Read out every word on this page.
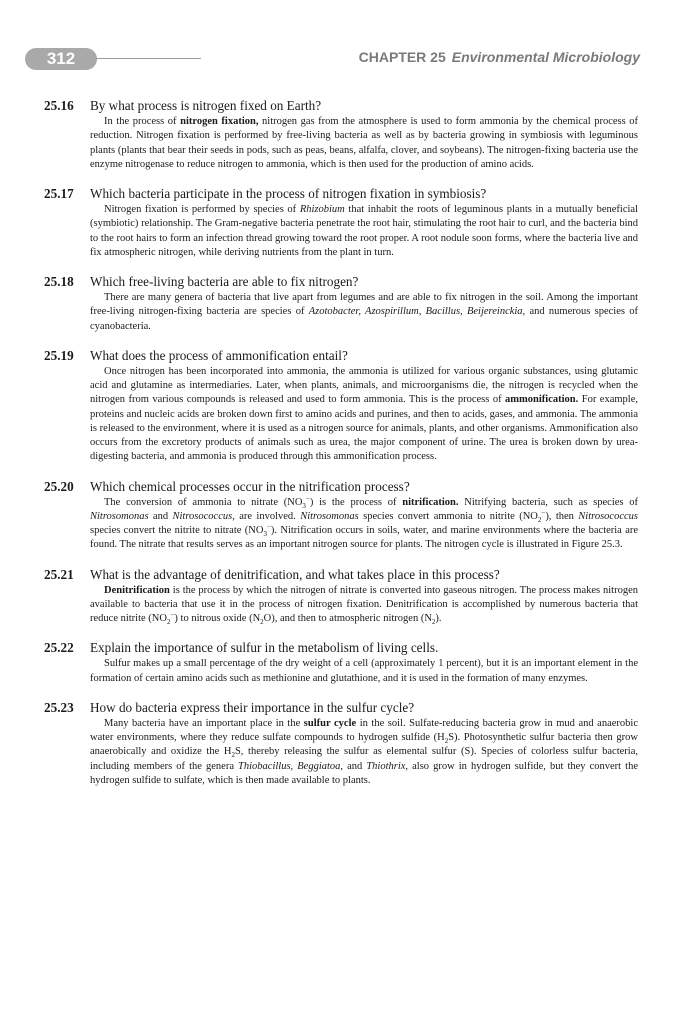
312	CHAPTER 25 Environmental Microbiology
25.16	By what process is nitrogen fixed on Earth?
In the process of nitrogen fixation, nitrogen gas from the atmosphere is used to form ammonia by the chemical process of reduction. Nitrogen fixation is performed by free-living bacteria as well as by bacteria growing in symbiosis with leguminous plants (plants that bear their seeds in pods, such as peas, beans, alfalfa, clover, and soybeans). The nitrogen-fixing bacteria use the enzyme nitrogenase to reduce nitrogen to ammonia, which is then used for the production of amino acids.
25.17	Which bacteria participate in the process of nitrogen fixation in symbiosis?
Nitrogen fixation is performed by species of Rhizobium that inhabit the roots of leguminous plants in a mutually beneficial (symbiotic) relationship. The Gram-negative bacteria penetrate the root hair, stimulating the root hair to curl, and the bacteria bind to the root hairs to form an infection thread growing toward the root proper. A root nodule soon forms, where the bacteria live and fix atmospheric nitrogen, while deriving nutrients from the plant in turn.
25.18	Which free-living bacteria are able to fix nitrogen?
There are many genera of bacteria that live apart from legumes and are able to fix nitrogen in the soil. Among the important free-living nitrogen-fixing bacteria are species of Azotobacter, Azospirillum, Bacillus, Beijereinckia, and numerous species of cyanobacteria.
25.19	What does the process of ammonification entail?
Once nitrogen has been incorporated into ammonia, the ammonia is utilized for various organic substances, using glutamic acid and glutamine as intermediaries. Later, when plants, animals, and microorganisms die, the nitrogen is recycled when the nitrogen from various compounds is released and used to form ammonia. This is the process of ammonification. For example, proteins and nucleic acids are broken down first to amino acids and purines, and then to acids, gases, and ammonia. The ammonia is released to the environment, where it is used as a nitrogen source for animals, plants, and other organisms. Ammonification also occurs from the excretory products of animals such as urea, the major component of urine. The urea is broken down by urea-digesting bacteria, and ammonia is produced through this ammonification process.
25.20	Which chemical processes occur in the nitrification process?
The conversion of ammonia to nitrate $(NO_3^-)$ is the process of nitrification. Nitrifying bacteria, such as species of Nitrosomonas and Nitrosococcus, are involved. Nitrosomonas species convert ammonia to nitrite $(NO_2^-)$, then Nitrosococcus species convert the nitrite to nitrate $(NO_3^-)$. Nitrification occurs in soils, water, and marine environments where the bacteria are found. The nitrate that results serves as an important nitrogen source for plants. The nitrogen cycle is illustrated in Figure 25.3.
25.21	What is the advantage of denitrification, and what takes place in this process?
Denitrification is the process by which the nitrogen of nitrate is converted into gaseous nitrogen. The process makes nitrogen available to bacteria that use it in the process of nitrogen fixation. Denitrification is accomplished by numerous bacteria that reduce nitrite $(NO_2^-)$ to nitrous oxide $(N_2O)$, and then to atmospheric nitrogen $(N_2)$.
25.22	Explain the importance of sulfur in the metabolism of living cells.
Sulfur makes up a small percentage of the dry weight of a cell (approximately 1 percent), but it is an important element in the formation of certain amino acids such as methionine and glutathione, and it is used in the formation of many enzymes.
25.23	How do bacteria express their importance in the sulfur cycle?
Many bacteria have an important place in the sulfur cycle in the soil. Sulfate-reducing bacteria grow in mud and anaerobic water environments, where they reduce sulfate compounds to hydrogen sulfide $(H_2S)$. Photosynthetic sulfur bacteria then grow anaerobically and oxidize the $H_2S$, thereby releasing the sulfur as elemental sulfur (S). Species of colorless sulfur bacteria, including members of the genera Thiobacillus, Beggiatoa, and Thiothrix, also grow in hydrogen sulfide, but they convert the hydrogen sulfide to sulfate, which is then made available to plants.
